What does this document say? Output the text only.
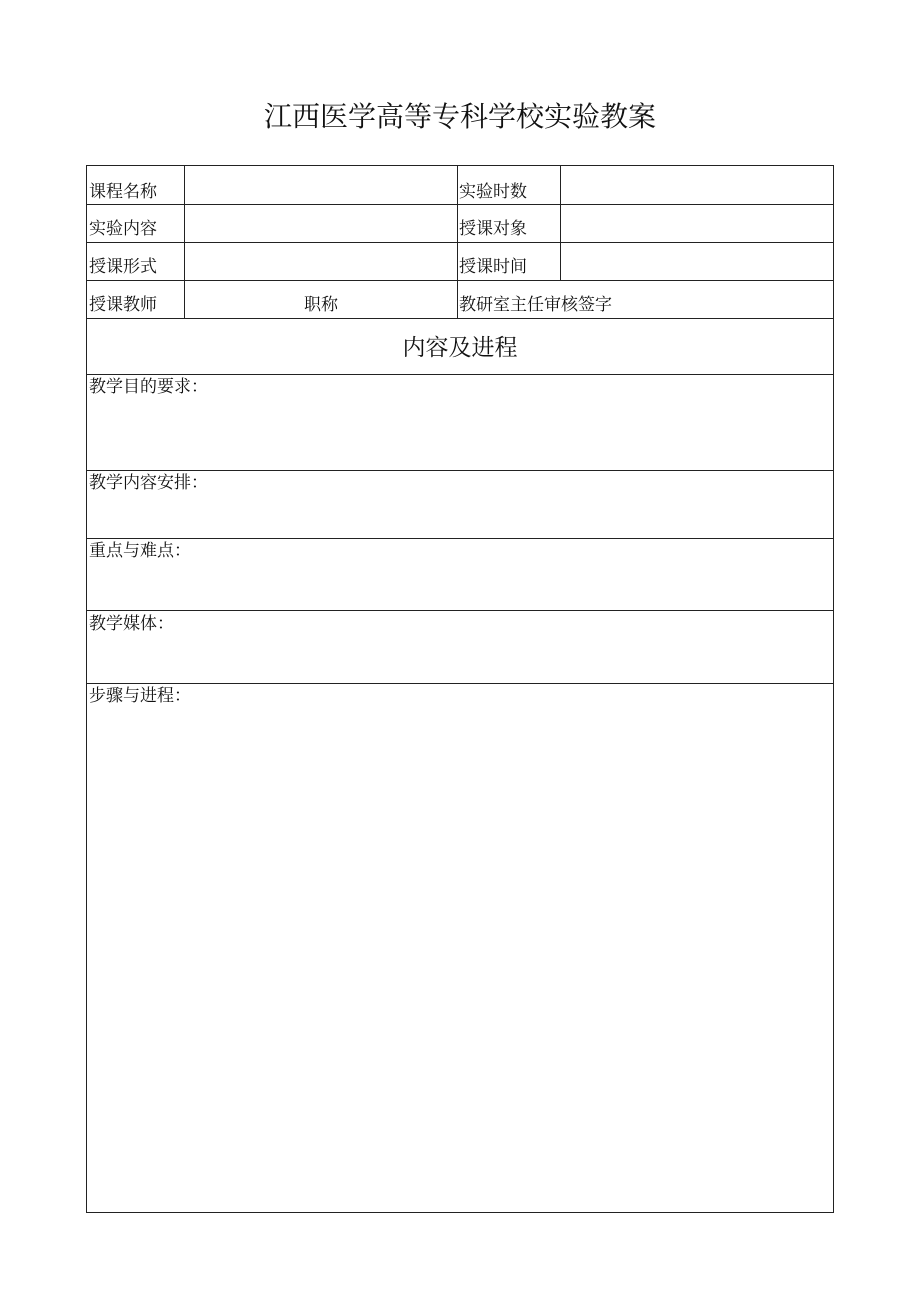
江西医学高等专科学校实验教案
课程名称	实验时数
实验内容	授课对象
授课形式	授课时间
授课教师	职称	教研室主任审核签字
内容及进程
教学目的要求：
教学内容安排：
重点与难点：
教学媒体：
步骤与进程：
